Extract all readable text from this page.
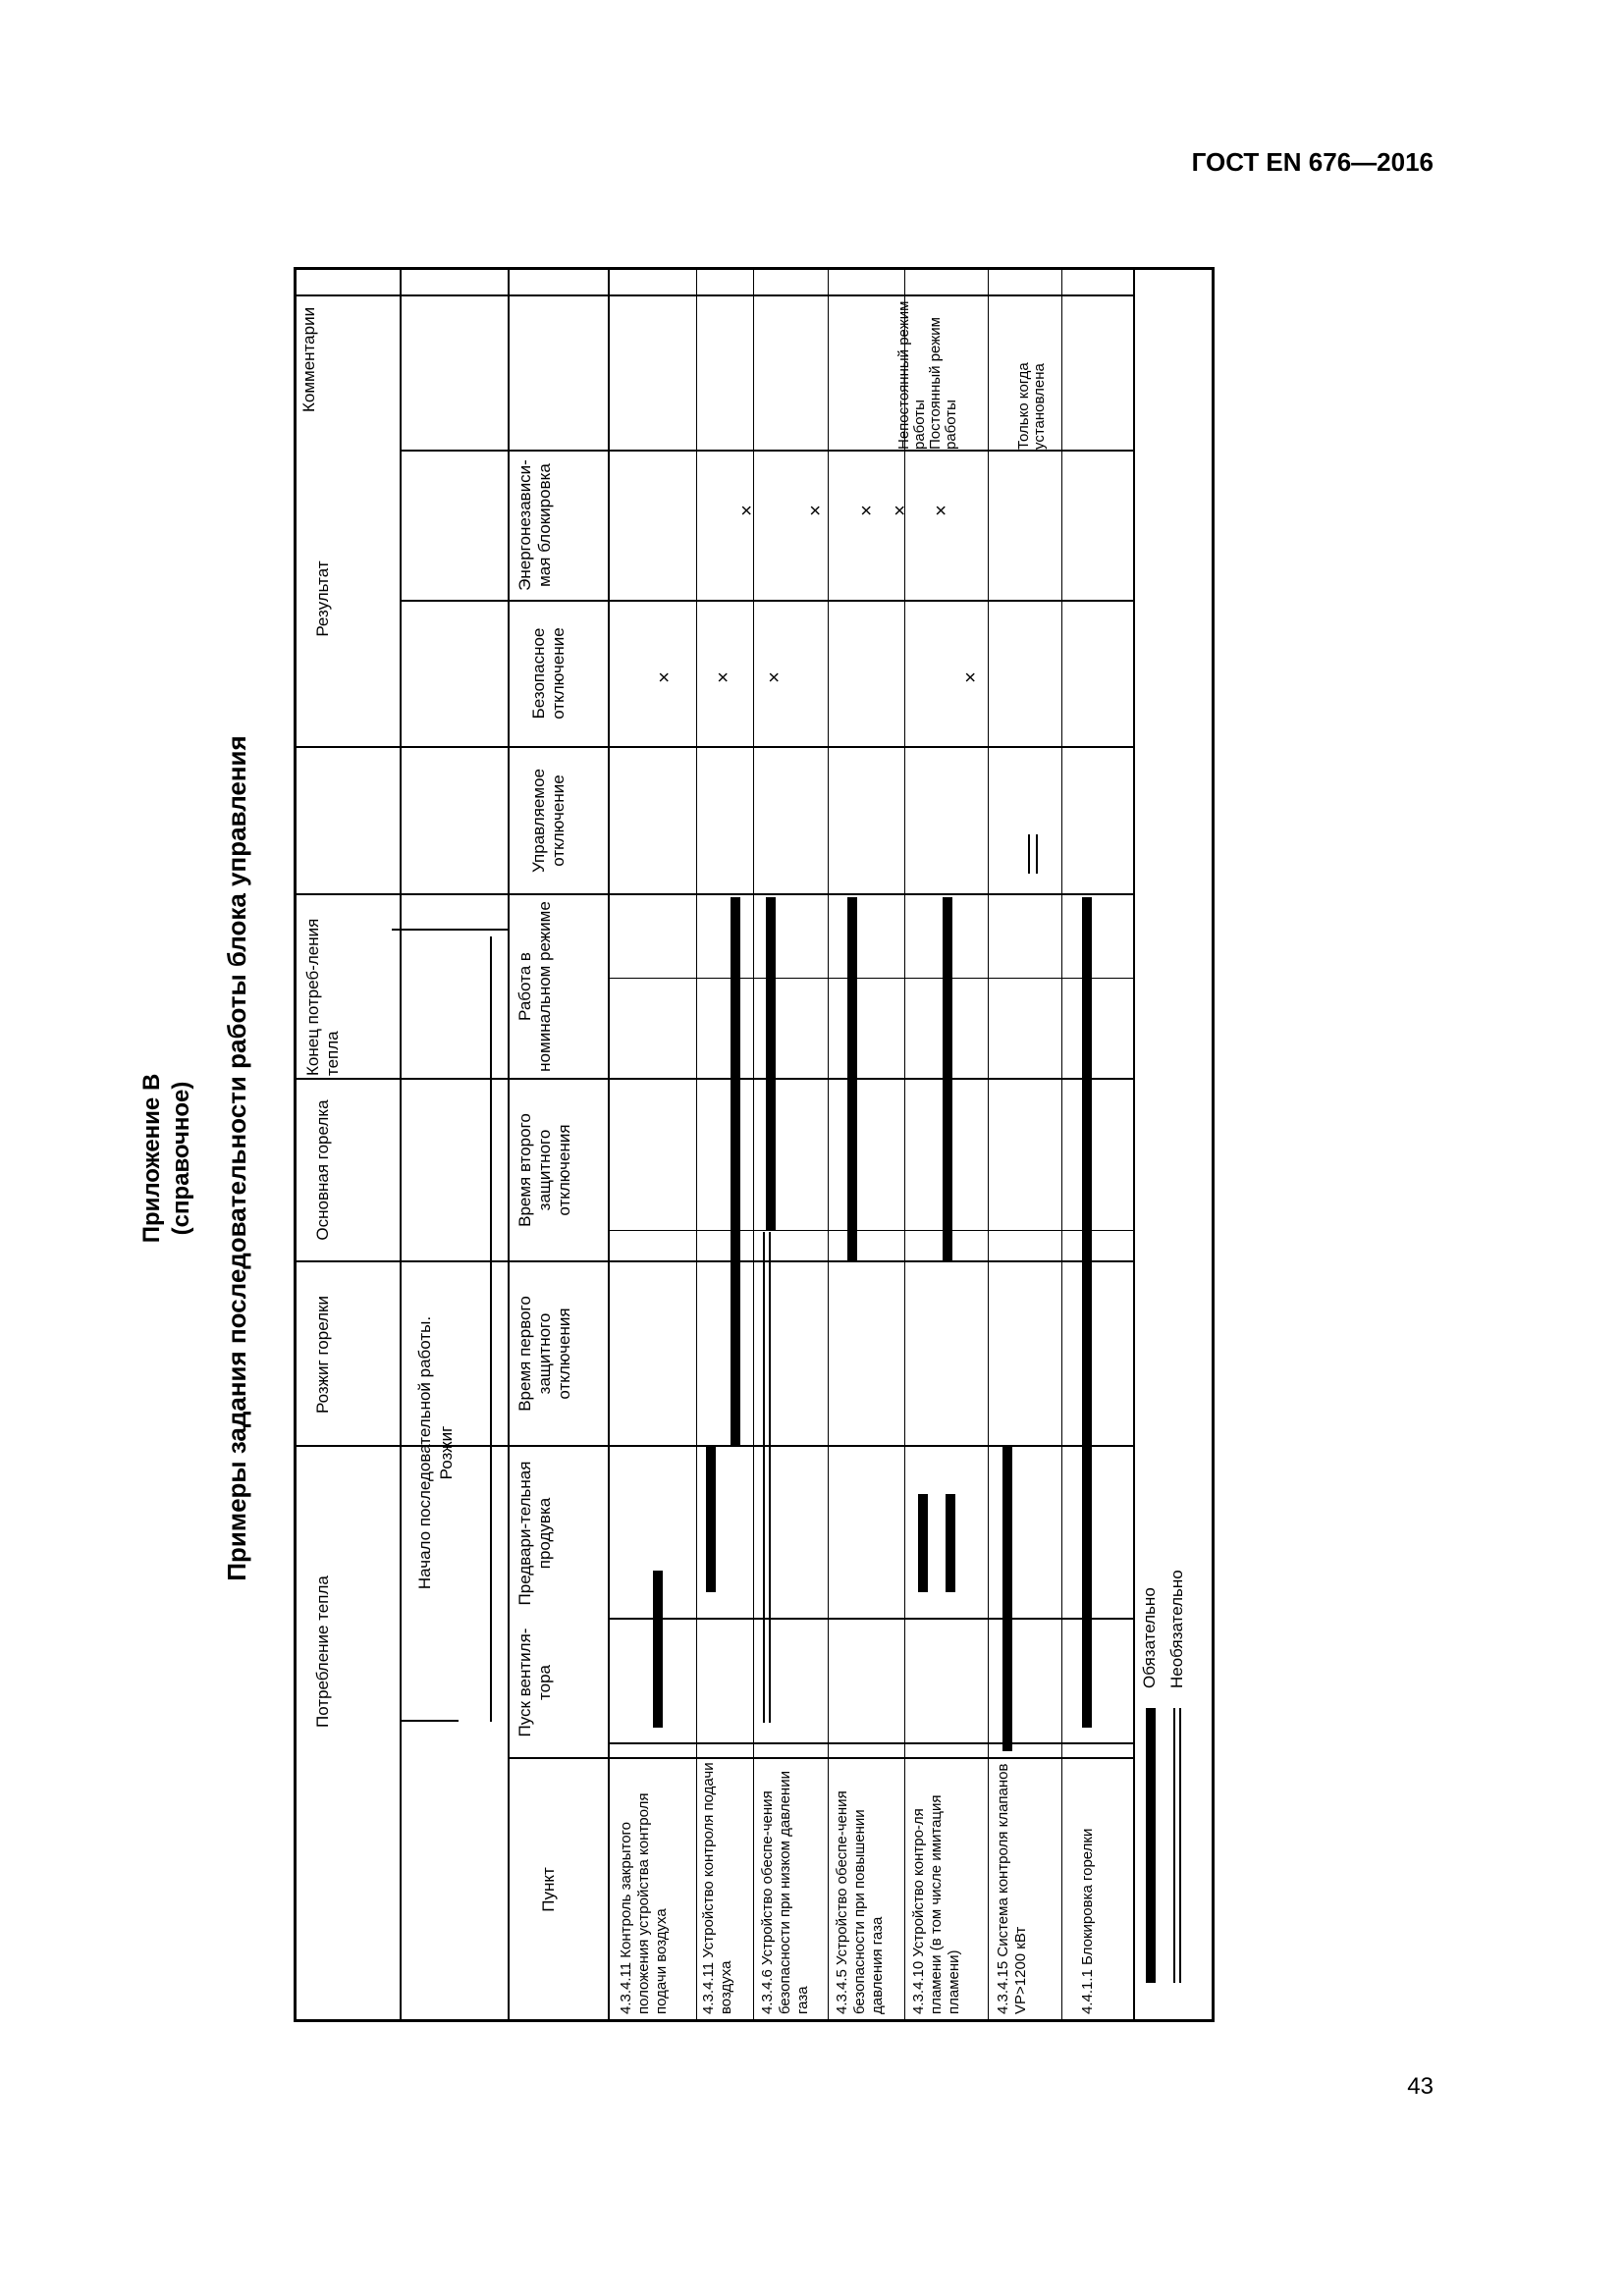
ГОСТ EN 676—2016
Приложение В (справочное) Примеры задания последовательности работы блока управления
Потребление тепла
Розжиг горелки
Основная горелка
Конец потреб-ления тепла
Результат
Комментарии
Начало последовательной работы. Розжиг
Пункт
Пуск вентиля-тора
Предвари-тельная продувка
Время первого защитного отключения
Время второго защитного отключения
Работа в номинальном режиме
Управляемое отключение
Безопасное отключение
Энергонезависи-мая блокировка
4.3.4.11 Контроль закрытого положения устройства контроля подачи воздуха 4.3.4.11 Устройство контроля подачи воздуха 4.3.4.6 Устройство обеспе-чения безопасности при низком давлении газа 4.3.4.5 Устройство обеспе-чения безопасности при повышении давления газа 4.3.4.10 Устройство контро-ля пламени (в том числе имитация пламени) 4.3.4.15 Система контроля клапанов VP>1200 кВт	4.4.1.1 Блокировка горелки
× ×
×
×
× × × ×
×
Непостоянный режим работы Постоянный режим работы	Только когда установлена
Обязательно Необязательно
43
